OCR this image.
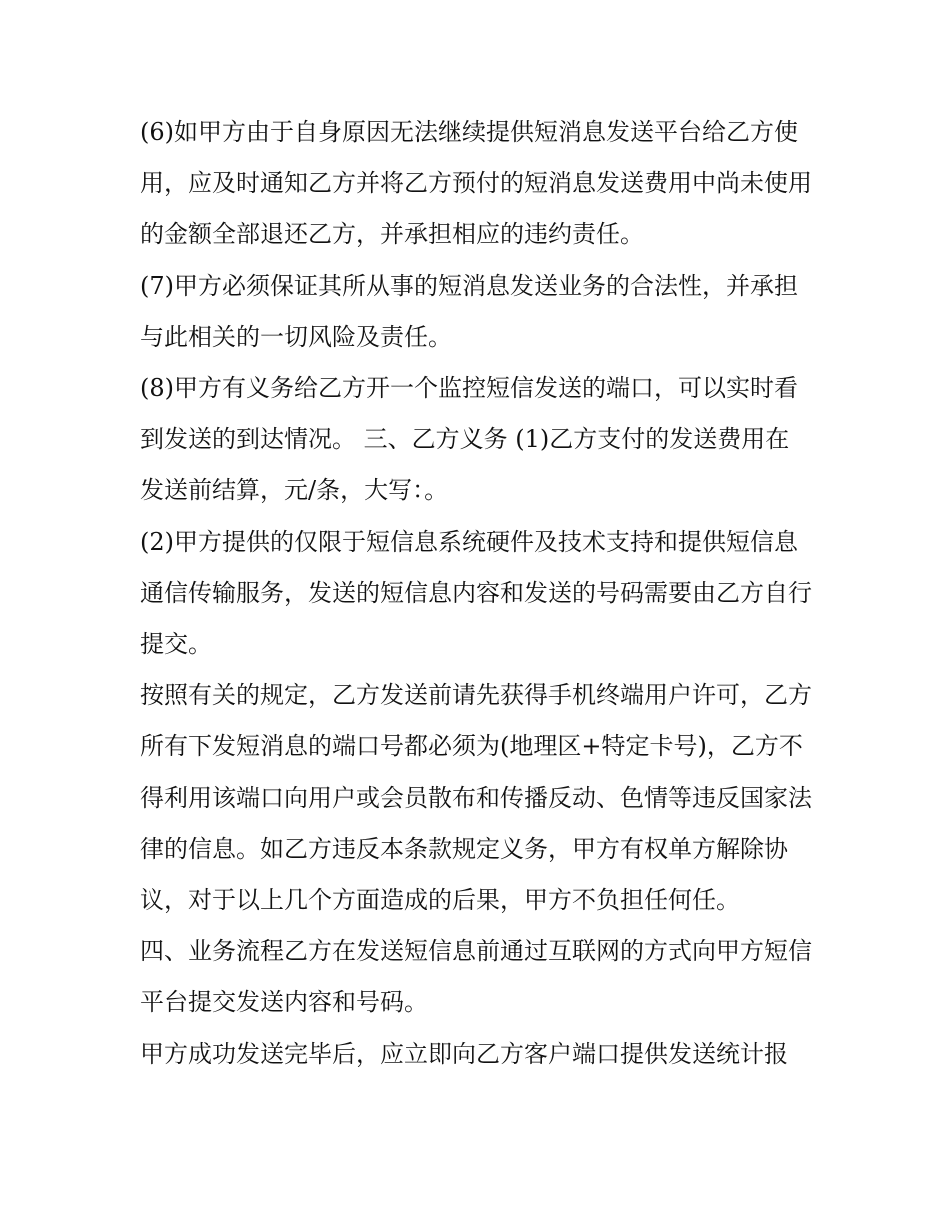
(6)如甲方由于自身原因无法继续提供短消息发送平台给乙方使用，应及时通知乙方并将乙方预付的短消息发送费用中尚未使用的金额全部退还乙方，并承担相应的违约责任。

(7)甲方必须保证其所从事的短消息发送业务的合法性，并承担与此相关的一切风险及责任。

(8)甲方有义务给乙方开一个监控短信发送的端口，可以实时看到发送的到达情况。 三、乙方义务 (1)乙方支付的发送费用在发送前结算，元/条，大写：。

(2)甲方提供的仅限于短信息系统硬件及技术支持和提供短信息通信传输服务，发送的短信息内容和发送的号码需要由乙方自行提交。

按照有关的规定，乙方发送前请先获得手机终端用户许可，乙方所有下发短消息的端口号都必须为(地理区+特定卡号)，乙方不得利用该端口向用户或会员散布和传播反动、色情等违反国家法律的信息。如乙方违反本条款规定义务，甲方有权单方解除协议，对于以上几个方面造成的后果，甲方不负担任何任。

四、业务流程乙方在发送短信息前通过互联网的方式向甲方短信平台提交发送内容和号码。

甲方成功发送完毕后，应立即向乙方客户端口提供发送统计报
